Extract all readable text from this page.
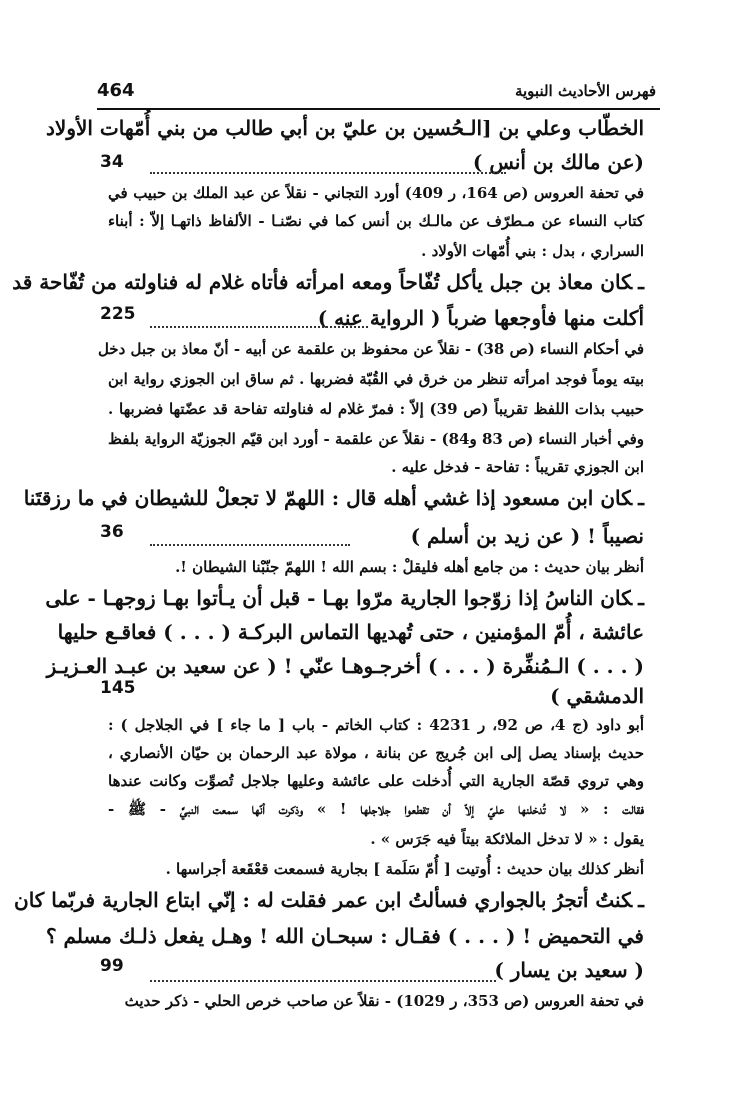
464	فهرس الأحاديث النبوية
الخطّاب وعلي بن [الـحُسين بن عليّ بن أبي طالب من بني أُمّهات الأولاد
(عن مالك بن أنس )
34
في تحفة العروس (ص 164، ر 409) أورد التجاني - نقلاً عن عبد الملك بن حبيب في
كتاب النساء عن مـطرّف عن مالـك بن أنس كما في نصّنـا - الألفاظ ذاتهـا إلاّ : أبناء
السراري ، بدل : بني أُمّهات الأولاد .
ـكان معاذ بن جبل يأكل تُفّاحاً ومعه امرأته فأتاه غلام له فناولته من تُفّاحة قد
أكلت منها فأوجعها ضرباً ( الرواية عنه )
225
في أحكام النساء (ص 38) - نقلاً عن محفوظ بن علقمة عن أبيه - أنّ معاذ بن جبل دخل
بيته يوماً فوجد امرأته تنظر من خرق في القُبّة فضربها . ثم ساق ابن الجوزي رواية ابن
حبيب بذات اللفظ تقريباً (ص 39) إلاّ : فمرّ غلام له فناولته تفاحة قد عضّتها فضربها .
وفي أخبار النساء (ص 83 و84) - نقلاً عن علقمة - أورد ابن قيّم الجوزيّة الرواية بلفظ
ابن الجوزي تقريباً : تفاحة - فدخل عليه .
ـكان ابن مسعود إذا غشي أهله قال : اللهمّ لا تجعلْ للشيطان في ما رزقتَنا
نصيباً ! ( عن زيد بن أسلم )
36
أنظر بيان حديث : من جامع أهله فليقلْ : بسم الله ! اللهمّ جنّبْنا الشيطان !.
ـكان الناسُ إذا زوّجوا الجارية مرّوا بهـا - قبل أن يـأتوا بهـا زوجهـا - على
عائشة ، أُمّ المؤمنين ، حتى تُهديها التماس البركـة ( . . . ) فعاقـع حليها
( . . . ) الـمُنفِّرة ( . . . ) أخرجـوهـا عنّي ! ( عن سعيد بن عبـد العـزيـز
الدمشقي )
145
أبو داود (ج 4، ص 92، ر 4231 : كتاب الخاتم - باب [ ما جاء ] في الجلاجل ) :
حديث بإسناد يصل إلى ابن جُريج عن بنانة ، مولاة عبد الرحمان بن حيّان الأنصاري ،
وهي تروي قصّة الجارية التي أُدخلت على عائشة وعليها جلاجل تُصوِّت وكانت عندها
فقالت : « لا تُدخلنها عليّ إلاّ أن تقطعوا جلاجلها ! » وذكرت أنّها سمعت النبيَّ - ﷺ -
يقول : « لا تدخل الملائكة بيتاً فيه جَرَس » .
أنظر كذلك بيان حديث : أُوتيت [ أُمّ سَلَمة ] بجارية فسمعت قعْقَعة أجراسها .
ـكنتُ أتجرُ بالجواري فسألتُ ابن عمر فقلت له : إنّي ابتاع الجارية فربّما كان
في التحميض ! ( . . . ) فقـال : سبحـان الله ! وهـل يفعل ذلـك مسلم ؟
( سعيد بن يسار )
99
في تحفة العروس (ص 353، ر 1029) - نقلاً عن صاحب خرص الحلي - ذكر حديث
